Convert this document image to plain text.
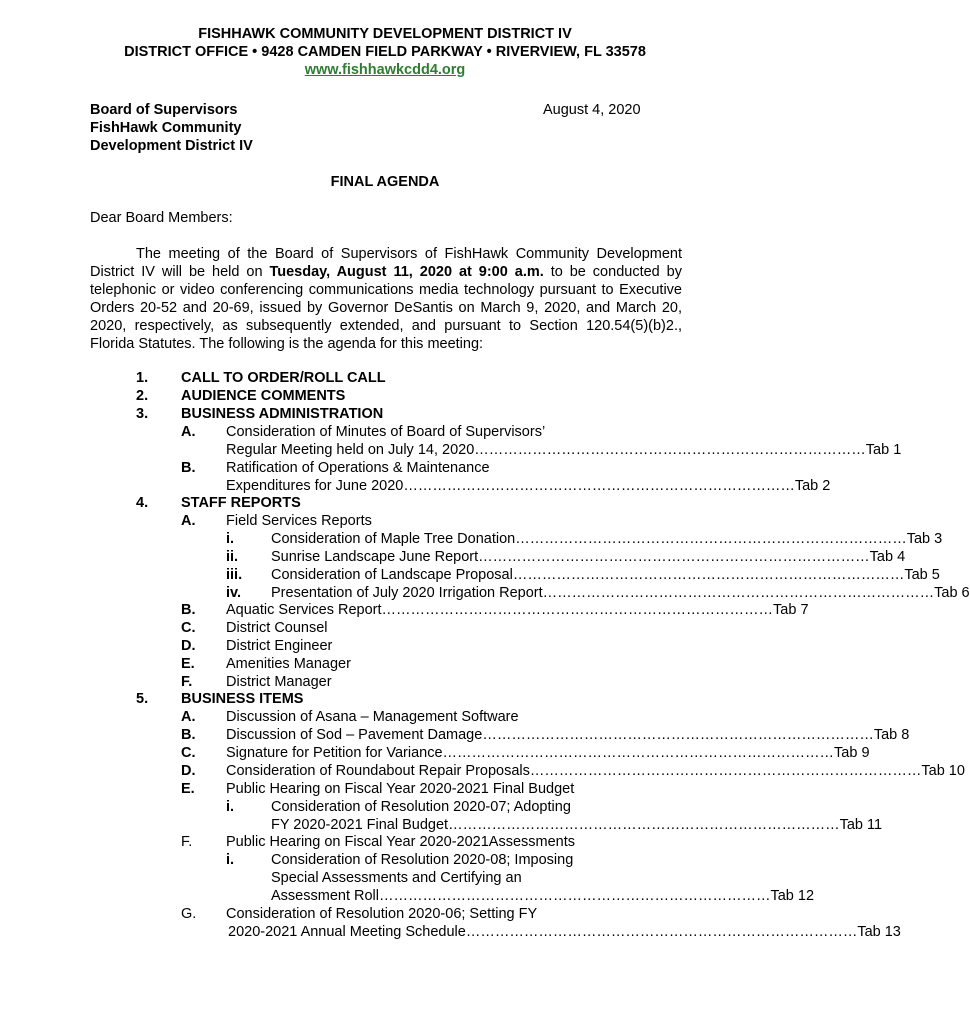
FISHHAWK COMMUNITY DEVELOPMENT DISTRICT IV
DISTRICT OFFICE • 9428 CAMDEN FIELD PARKWAY • RIVERVIEW, FL 33578
www.fishhawkcdd4.org
Board of Supervisors
FishHawk Community
Development District IV
August 4, 2020
FINAL AGENDA
Dear Board Members:
The meeting of the Board of Supervisors of FishHawk Community Development District IV will be held on Tuesday, August 11, 2020 at 9:00 a.m. to be conducted by telephonic or video conferencing communications media technology pursuant to Executive Orders 20-52 and 20-69, issued by Governor DeSantis on March 9, 2020, and March 20, 2020, respectively, as subsequently extended, and pursuant to Section 120.54(5)(b)2., Florida Statutes. The following is the agenda for this meeting:
1. CALL TO ORDER/ROLL CALL
2. AUDIENCE COMMENTS
3. BUSINESS ADMINISTRATION
A. Consideration of Minutes of Board of Supervisors’
Regular Meeting held on July 14, 2020 ……………………………………………………………………… Tab 1
B. Ratification of Operations & Maintenance
Expenditures for June 2020 ……………………………………………………………………… Tab 2
4. STAFF REPORTS
A. Field Services Reports
i.	Consideration of Maple Tree Donation ……………………………………………………………………… Tab 3
ii. Sunrise Landscape June Report ……………………………………………………………………… Tab 4
iii. Consideration of Landscape Proposal ……………………………………………………………………… Tab 5
iv. Presentation of July 2020 Irrigation Report ……………………………………………………………………… Tab 6
B. Aquatic Services Report ……………………………………………………………………… Tab 7
C. District Counsel
D. District Engineer
E. Amenities Manager
F. District Manager
5. BUSINESS ITEMS
A. Discussion of Asana – Management Software
B. Discussion of Sod – Pavement Damage ……………………………………………………………………… Tab 8
C. Signature for Petition for Variance ……………………………………………………………………… Tab 9
D. Consideration of Roundabout Repair Proposals ……………………………………………………………………… Tab 10
E. Public Hearing on Fiscal Year 2020-2021 Final Budget
i.	Consideration of Resolution 2020-07; Adopting
FY 2020-2021 Final Budget ……………………………………………………………………… Tab 11
F. Public Hearing on Fiscal Year 2020-2021Assessments
i.	Consideration of Resolution 2020-08; Imposing
Special Assessments and Certifying an
Assessment Roll ……………………………………………………………………… Tab 12
G. Consideration of Resolution 2020-06; Setting FY
2020-2021 Annual Meeting Schedule ……………………………………………………………………… Tab 13
